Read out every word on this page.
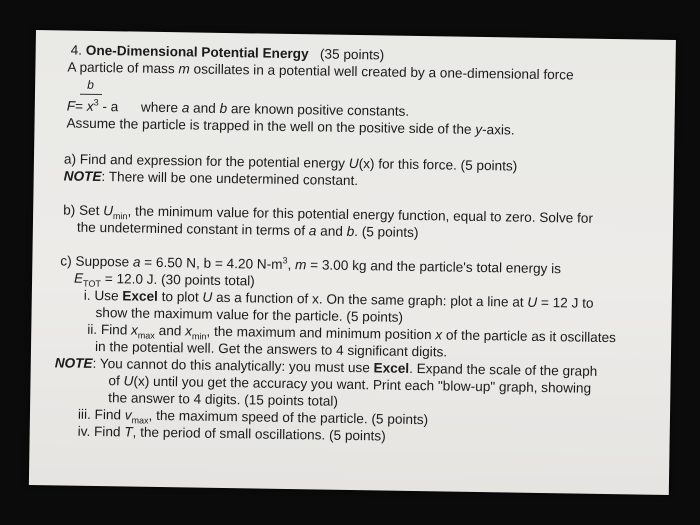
4. One-Dimensional Potential Energy (35 points)
A particle of mass m oscillates in a potential well created by a one-dimensional force
b
$F= x^3 - a$ where a and b are known positive constants.
Assume the particle is trapped in the well on the positive side of the y-axis.
a) Find and expression for the potential energy U(x) for this force. (5 points)
NOTE: There will be one undetermined constant.
b) Set $U_{min}$, the minimum value for this potential energy function, equal to zero. Solve for
the undetermined constant in terms of a and b. (5 points)
c) Suppose a = 6.50 N, b = 4.20 $N-m^3$, m = 3.00 kg and the particle's total energy is
$E_{TOT} = 12.0$ J. (30 points total)
i. Use Excel to plot U as a function of x. On the same graph: plot a line at U = 12 J to
show the maximum value for the particle. (5 points)
ii. Find $x_{max}$ and $x_{min}$, the maximum and minimum position x of the particle as it oscillates
in the potential well. Get the answers to 4 significant digits.
NOTE: You cannot do this analytically: you must use Excel. Expand the scale of the graph
of U(x) until you get the accuracy you want. Print each "blow-up" graph, showing
the answer to 4 digits. (15 points total)
iii. Find $v_{max}$, the maximum speed of the particle. (5 points)
iv. Find T, the period of small oscillations. (5 points)
